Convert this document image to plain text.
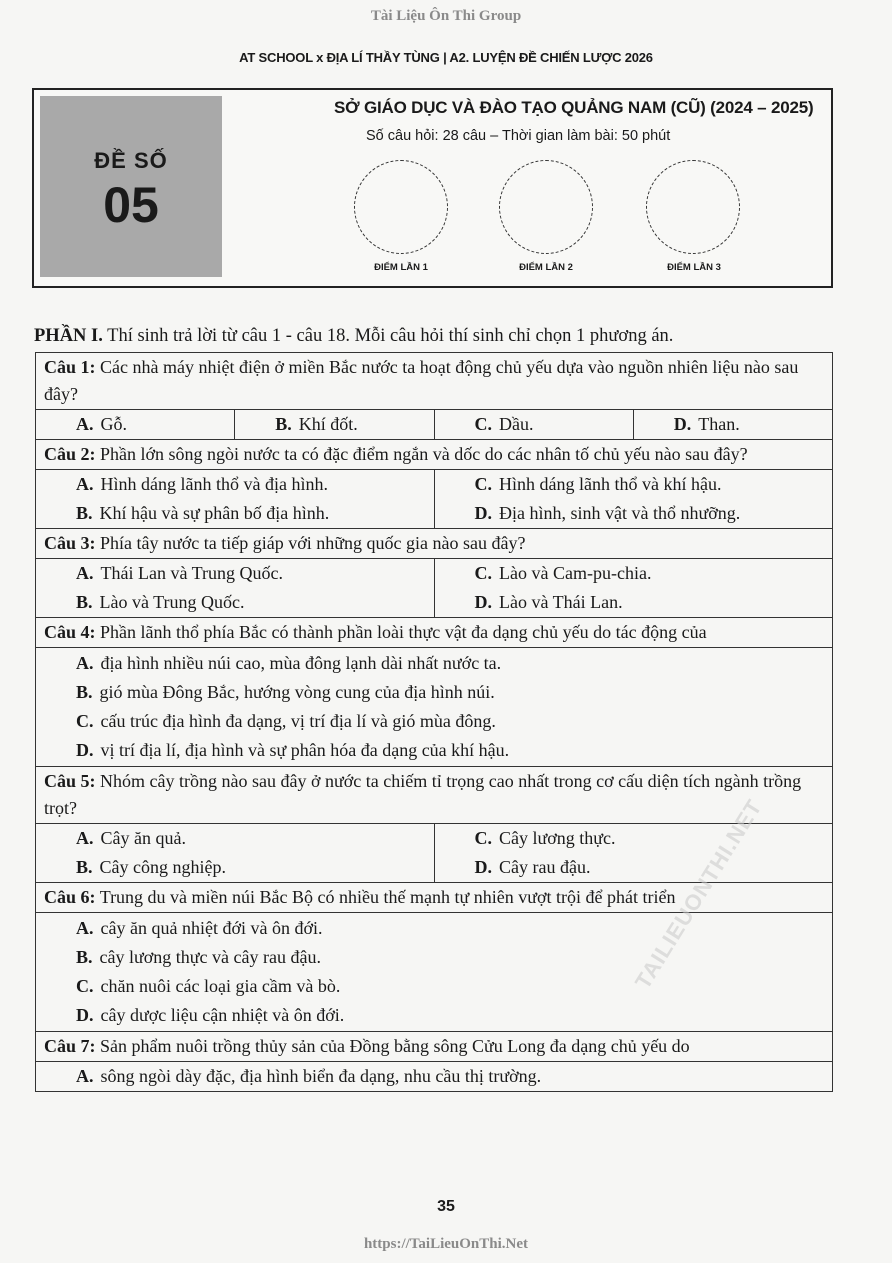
Tài Liệu Ôn Thi Group
AT SCHOOL x ĐỊA LÍ THẦY TÙNG | A2. LUYỆN ĐỀ CHIẾN LƯỢC 2026
ĐỀ SỐ
05
SỞ GIÁO DỤC VÀ ĐÀO TẠO QUẢNG NAM (CŨ) (2024 – 2025)
Số câu hỏi: 28 câu – Thời gian làm bài: 50 phút
ĐIỂM LẦN 1	ĐIỂM LẦN 2	ĐIỂM LẦN 3
PHẦN I. Thí sinh trả lời từ câu 1 - câu 18. Mỗi câu hỏi thí sinh chỉ chọn 1 phương án.
Câu 1: Các nhà máy nhiệt điện ở miền Bắc nước ta hoạt động chủ yếu dựa vào nguồn nhiên liệu nào sau đây?			
A. Gỗ.	B. Khí đốt.	C. Dầu.	D. Than.
Câu 2: Phần lớn sông ngòi nước ta có đặc điểm ngắn và dốc do các nhân tố chủ yếu nào sau đây?			
A. Hình dáng lãnh thổ và địa hình.		C. Hình dáng lãnh thổ và khí hậu.	
B. Khí hậu và sự phân bố địa hình.		D. Địa hình, sinh vật và thổ nhưỡng.	
Câu 3: Phía tây nước ta tiếp giáp với những quốc gia nào sau đây?			
A. Thái Lan và Trung Quốc.		C. Lào và Cam-pu-chia.	
B. Lào và Trung Quốc.		D. Lào và Thái Lan.	
Câu 4: Phần lãnh thổ phía Bắc có thành phần loài thực vật đa dạng chủ yếu do tác động của			

A. địa hình nhiều núi cao, mùa đông lạnh dài nhất nước ta.
B. gió mùa Đông Bắc, hướng vòng cung của địa hình núi.
C. cấu trúc địa hình đa dạng, vị trí địa lí và gió mùa đông.
D. vị trí địa lí, địa hình và sự phân hóa đa dạng của khí hậu.			

Câu 5: Nhóm cây trồng nào sau đây ở nước ta chiếm tỉ trọng cao nhất trong cơ cấu diện tích ngành trồng trọt?			
A. Cây ăn quả.		C. Cây lương thực.	
B. Cây công nghiệp.		D. Cây rau đậu.	
Câu 6: Trung du và miền núi Bắc Bộ có nhiều thế mạnh tự nhiên vượt trội để phát triển			

A. cây ăn quả nhiệt đới và ôn đới.
B. cây lương thực và cây rau đậu.
C. chăn nuôi các loại gia cầm và bò.
D. cây dược liệu cận nhiệt và ôn đới.			

Câu 7: Sản phẩm nuôi trồng thủy sản của Đồng bằng sông Cửu Long đa dạng chủ yếu do			
A. sông ngòi dày đặc, địa hình biển đa dạng, nhu cầu thị trường.			
TAILIEUONTHI.NET
35
https://TaiLieuOnThi.Net
